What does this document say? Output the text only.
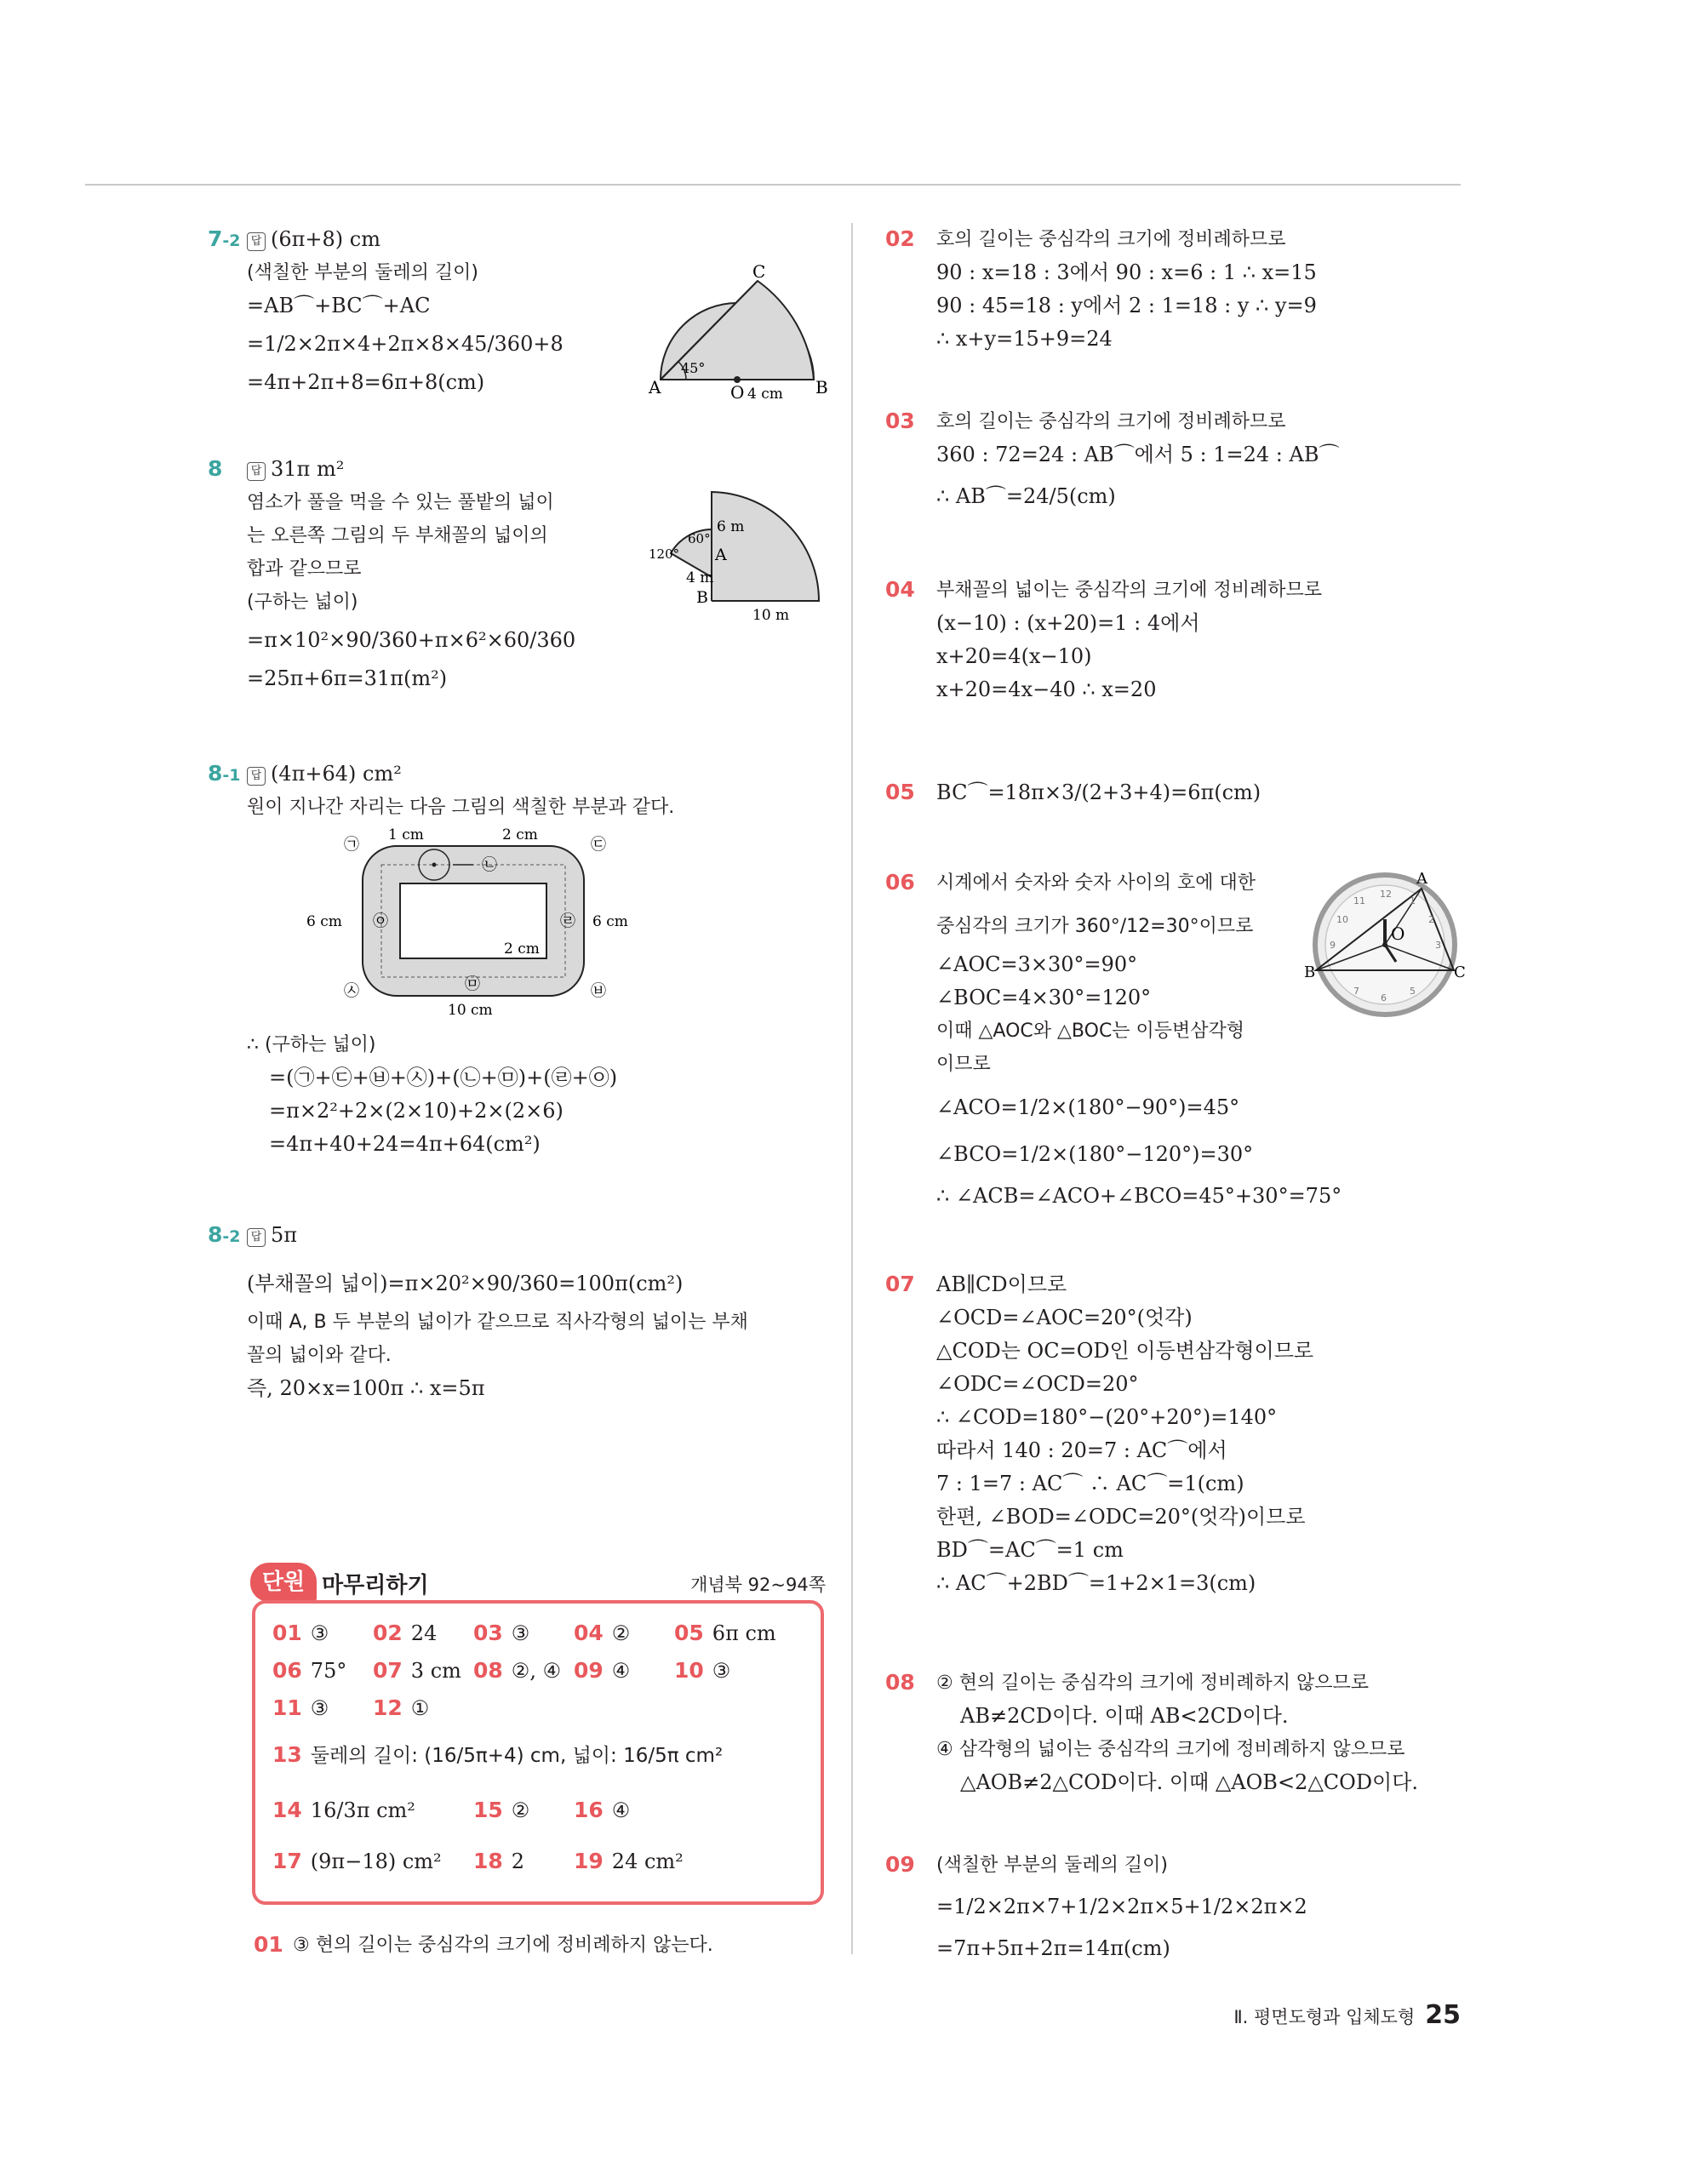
7-2 답 (6π+8) cm
(색칠한 부분의 둘레의 길이)
=AB⌒+BC⌒+AC
=1/2×2π×4+2π×8×45/360+8
=4π+2π+8=6π+8(cm)
C
A
45°
O 4 cm B
8	답 31π m²
염소가 풀을 먹을 수 있는 풀밭의 넓이
는 오른쪽 그림의 두 부채꼴의 넓이의
합과 같으므로
(구하는 넓이)
=π×10²×90/360+π×6²×60/360
=25π+6π=31π(m²)
6 m
60°
120° A
4 m
B
10 m
8-1 답 (4π+64) cm²
원이 지나간 자리는 다음 그림의 색칠한 부분과 같다.
1 cm	2 cm
㉠
㉡
㉢
6 cm ㉧	㉣ 6 cm
2 cm
㉦	㉤	㉥
10 cm
∴ (구하는 넓이)
=(㉠+㉢+㉥+㉦)+(㉡+㉤)+(㉣+㉧)
=π×2²+2×(2×10)+2×(2×6)
=4π+40+24=4π+64(cm²)
8-2 답 5π
(부채꼴의 넓이)=π×20²×90/360=100π(cm²)
이때 A, B 두 부분의 넓이가 같으므로 직사각형의 넓이는 부채
꼴의 넓이와 같다.
즉, 20×x=100π ∴ x=5π
단원 마무리하기	개념북 92~94쪽
01 ③ 02 24 03 ③ 04 ② 05 6π cm
06 75° 07 3 cm 08 ②, ④ 09 ④ 10 ③
11 ③ 12 ①
13 둘레의 길이: (16/5π+4) cm, 넓이: 16/5π cm²
14 16/3π cm²	15 ② 16 ④
17 (9π−18) cm² 18 2 19 24 cm²
01 ③ 현의 길이는 중심각의 크기에 정비례하지 않는다.
02 호의 길이는 중심각의 크기에 정비례하므로
90 : x=18 : 3에서 90 : x=6 : 1 ∴ x=15
90 : 45=18 : y에서 2 : 1=18 : y ∴ y=9
∴ x+y=15+9=24
03 호의 길이는 중심각의 크기에 정비례하므로
360 : 72=24 : AB⌒에서 5 : 1=24 : AB⌒
∴ AB⌒=24/5(cm)
04 부채꼴의 넓이는 중심각의 크기에 정비례하므로
(x−10) : (x+20)=1 : 4에서
x+20=4(x−10)
x+20=4x−40 ∴ x=20
05 BC⌒=18π×3/(2+3+4)=6π(cm)
06 시계에서 숫자와 숫자 사이의 호에 대한
중심각의 크기가 360°/12=30°이므로
∠AOC=3×30°=90°
∠BOC=4×30°=120°
이때 △AOC와 △BOC는 이등변삼각형
이므로
∠ACO=1/2×(180°−90°)=45°
∠BCO=1/2×(180°−120°)=30°
∴ ∠ACB=∠ACO+∠BCO=45°+30°=75°
A
O
B	C
12
11
10
9
1
2
3
7
6
5
07 AB∥CD이므로
∠OCD=∠AOC=20°(엇각)
△COD는 OC=OD인 이등변삼각형이므로
∠ODC=∠OCD=20°
∴ ∠COD=180°−(20°+20°)=140°
따라서 140 : 20=7 : AC⌒에서
7 : 1=7 : AC⌒ ∴ AC⌒=1(cm)
한편, ∠BOD=∠ODC=20°(엇각)이므로
BD⌒=AC⌒=1 cm
∴ AC⌒+2BD⌒=1+2×1=3(cm)
08 ② 현의 길이는 중심각의 크기에 정비례하지 않으므로
AB≠2CD이다. 이때 AB<2CD이다.
④ 삼각형의 넓이는 중심각의 크기에 정비례하지 않으므로
△AOB≠2△COD이다. 이때 △AOB<2△COD이다.
09 (색칠한 부분의 둘레의 길이)
=1/2×2π×7+1/2×2π×5+1/2×2π×2
=7π+5π+2π=14π(cm)
Ⅱ. 평면도형과 입체도형 25
